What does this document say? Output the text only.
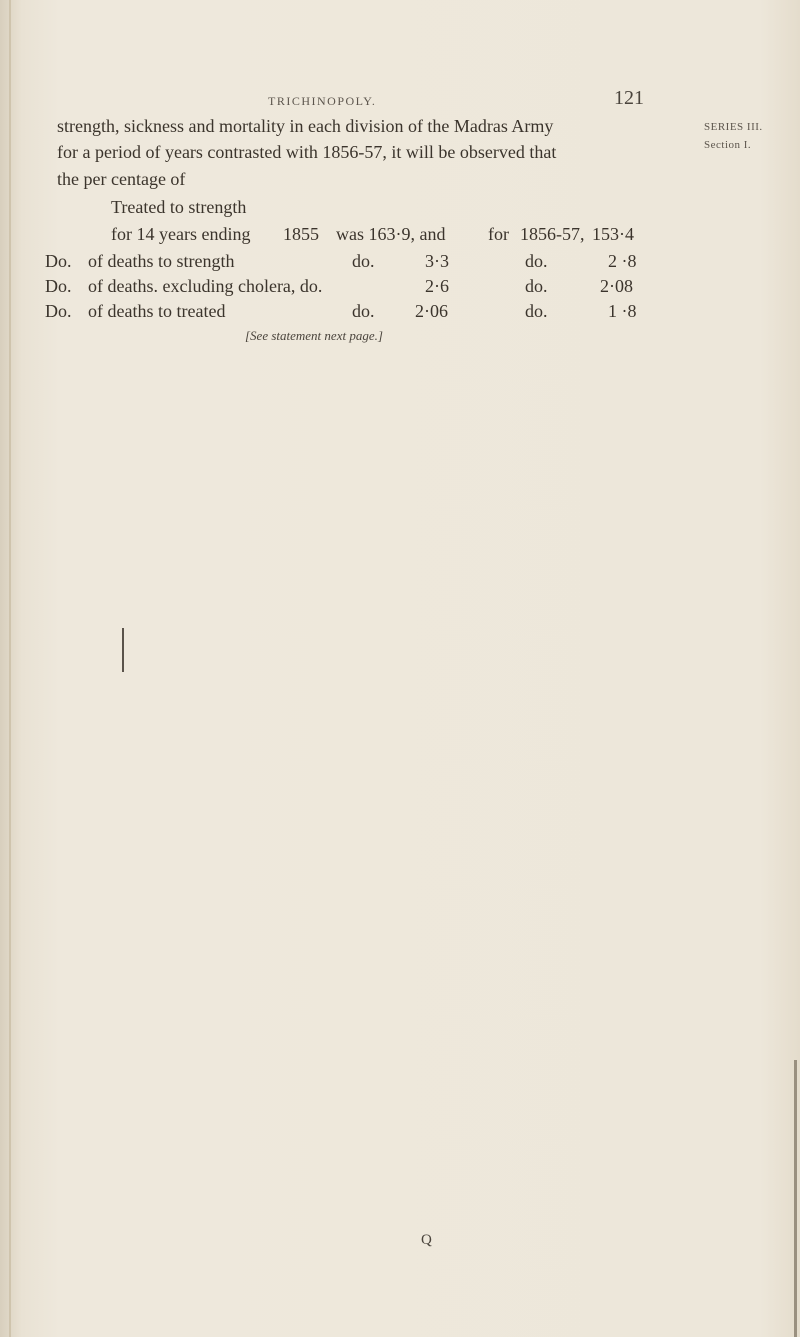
TRICHINOPOLY.	121
SERIES III.
Section I.
strength, sickness and mortality in each division of the Madras Army
for a period of years contrasted with 1856-57, it will be observed that
the per centage of
Treated to strength
for 14 years ending 1855 was 163·9, and for 1856-57, 153·4
Do. of deaths to strength	do.	3·3	do.	2 ·8
Do. of deaths. excluding cholera, do.	2·6	do.	2·08
Do. of deaths to treated	do. 2·06	do.	1 ·8
[See statement next page.]
Q
